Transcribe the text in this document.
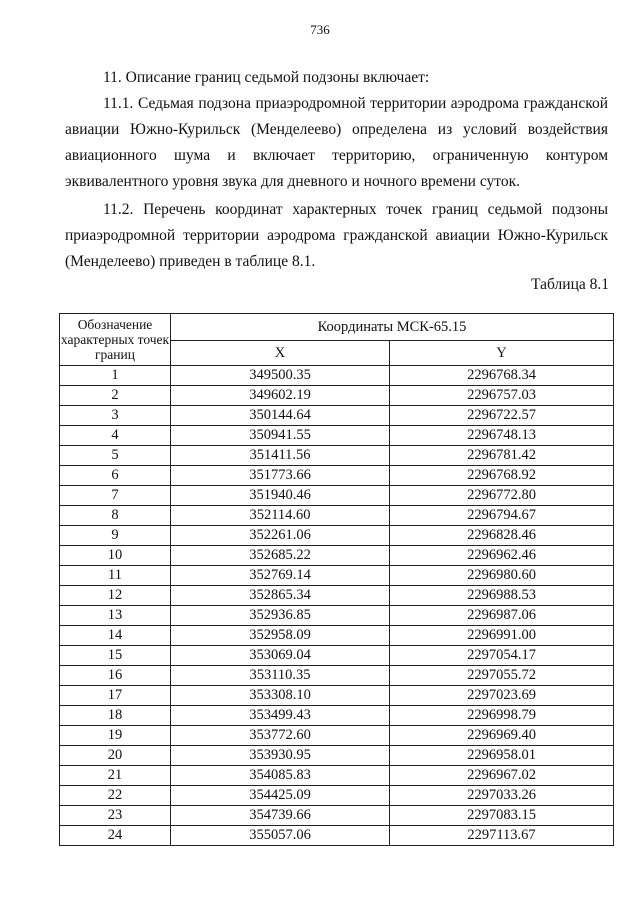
736

11. Описание границ седьмой подзоны включает:

11.1. Седьмая подзона приаэродромной территории аэродрома гражданской авиации Южно-Курильск (Менделеево) определена из условий воздействия авиационного шума и включает территорию, ограниченную контуром эквивалентного уровня звука для дневного и ночного времени суток.

11.2. Перечень координат характерных точек границ седьмой подзоны приаэродромной территории аэродрома гражданской авиации Южно-Курильск (Менделеево) приведен в таблице 8.1.

Таблица 8.1
Обозначение характерных точек границ	Координаты МСК-65.15	
	X	Y
1	349500.35	2296768.34
2	349602.19	2296757.03
3	350144.64	2296722.57
4	350941.55	2296748.13
5	351411.56	2296781.42
6	351773.66	2296768.92
7	351940.46	2296772.80
8	352114.60	2296794.67
9	352261.06	2296828.46
10	352685.22	2296962.46
11	352769.14	2296980.60
12	352865.34	2296988.53
13	352936.85	2296987.06
14	352958.09	2296991.00
15	353069.04	2297054.17
16	353110.35	2297055.72
17	353308.10	2297023.69
18	353499.43	2296998.79
19	353772.60	2296969.40
20	353930.95	2296958.01
21	354085.83	2296967.02
22	354425.09	2297033.26
23	354739.66	2297083.15
24	355057.06	2297113.67
